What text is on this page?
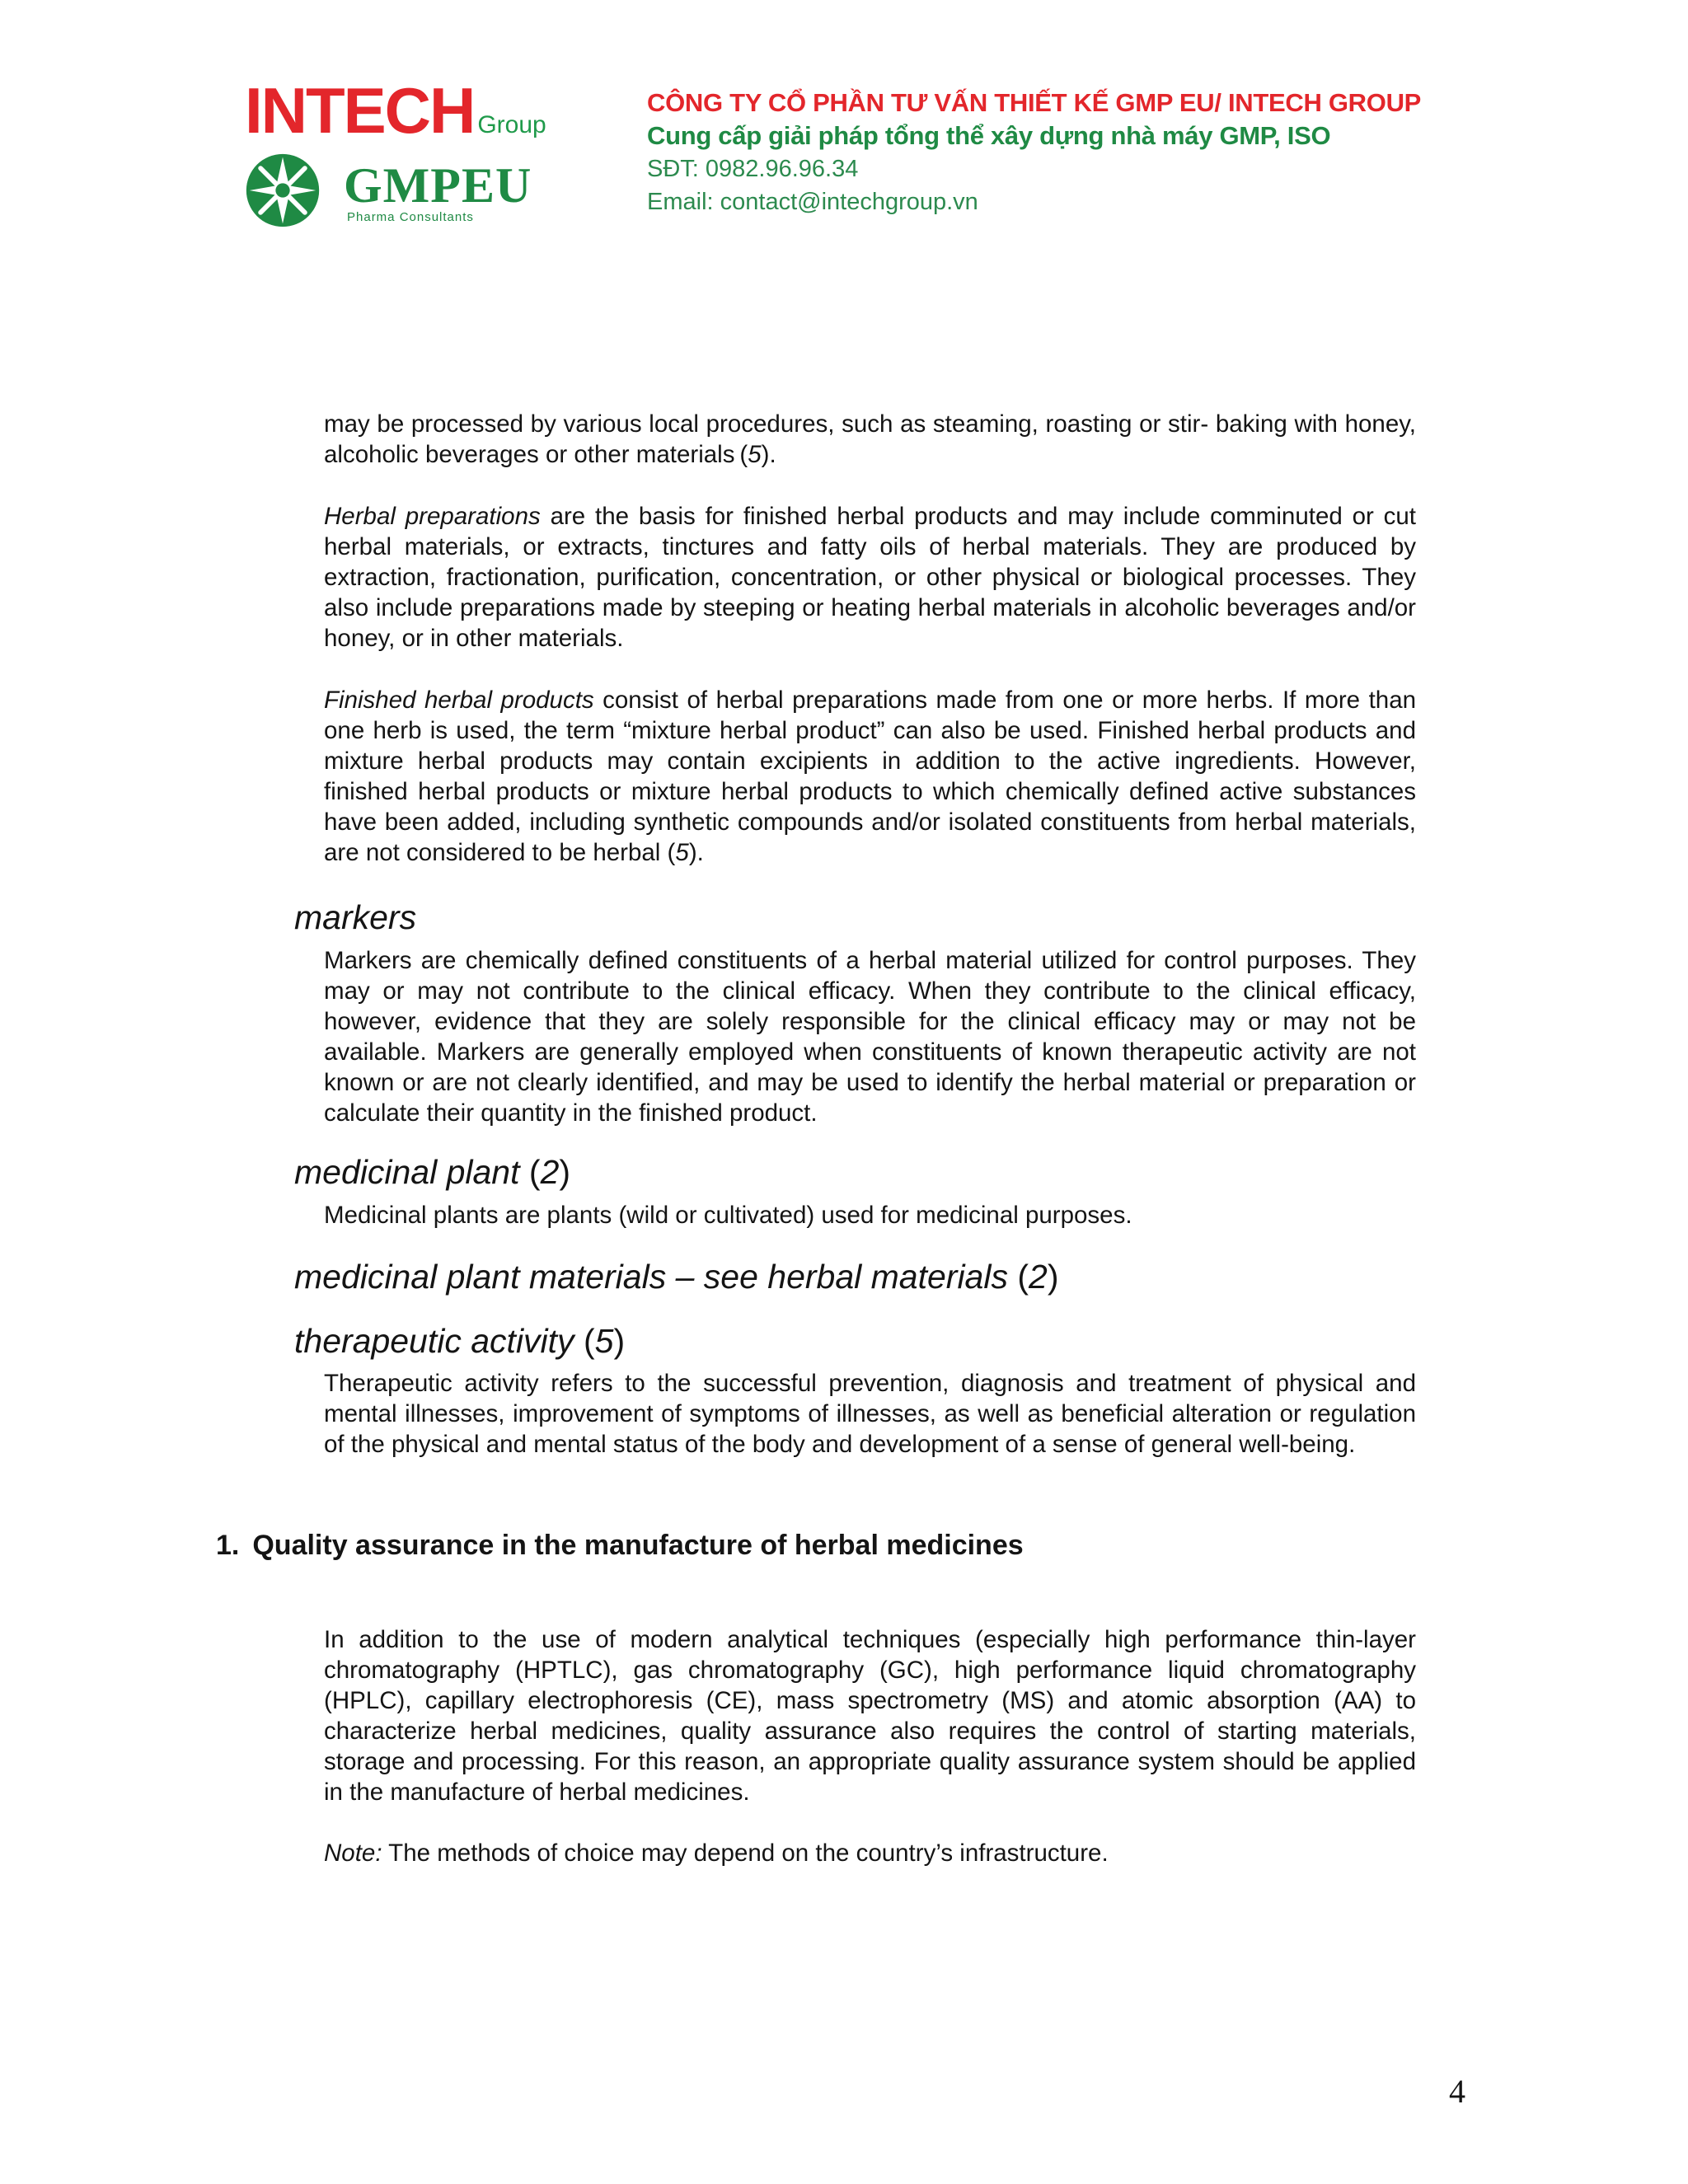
INTECH Group
GMPEU
Pharma Consultants
CÔNG TY CỔ PHẦN TƯ VẤN THIẾT KẾ GMP EU/ INTECH GROUP
Cung cấp giải pháp tổng thể xây dựng nhà máy GMP, ISO
SĐT: 0982.96.96.34
Email: contact@intechgroup.vn

may be processed by various local procedures, such as steaming, roasting or stir- baking with honey, alcoholic beverages or other materials (5).

Herbal preparations are the basis for finished herbal products and may include comminuted or cut herbal materials, or extracts, tinctures and fatty oils of herbal materials. They are produced by extraction, fractionation, purification, concentration, or other physical or biological processes. They also include preparations made by steeping or heating herbal materials in alcoholic beverages and/or honey, or in other materials.

Finished herbal products consist of herbal preparations made from one or more herbs. If more than one herb is used, the term “mixture herbal product” can also be used. Finished herbal products and mixture herbal products may contain excipients in addition to the active ingredients. However, finished herbal products or mixture herbal products to which chemically defined active substances have been added, including synthetic compounds and/or isolated constituents from herbal materials, are not considered to be herbal (5).

markers

Markers are chemically defined constituents of a herbal material utilized for control purposes. They may or may not contribute to the clinical efficacy. When they contribute to the clinical efficacy, however, evidence that they are solely responsible for the clinical efficacy may or may not be available. Markers are generally employed when constituents of known therapeutic activity are not known or are not clearly identified, and may be used to identify the herbal material or preparation or calculate their quantity in the finished product.

medicinal plant (2)

Medicinal plants are plants (wild or cultivated) used for medicinal purposes.

medicinal plant materials – see herbal materials (2)
therapeutic activity (5)

Therapeutic activity refers to the successful prevention, diagnosis and treatment of physical and mental illnesses, improvement of symptoms of illnesses, as well as beneficial alteration or regulation of the physical and mental status of the body and development of a sense of general well-being.

1. Quality assurance in the manufacture of herbal medicines

In addition to the use of modern analytical techniques (especially high performance thin-layer chromatography (HPTLC), gas chromatography (GC), high performance liquid chromatography (HPLC), capillary electrophoresis (CE), mass spectrometry (MS) and atomic absorption (AA) to characterize herbal medicines, quality assurance also requires the control of starting materials, storage and processing. For this reason, an appropriate quality assurance system should be applied in the manufacture of herbal medicines.

Note: The methods of choice may depend on the country’s infrastructure.

4
